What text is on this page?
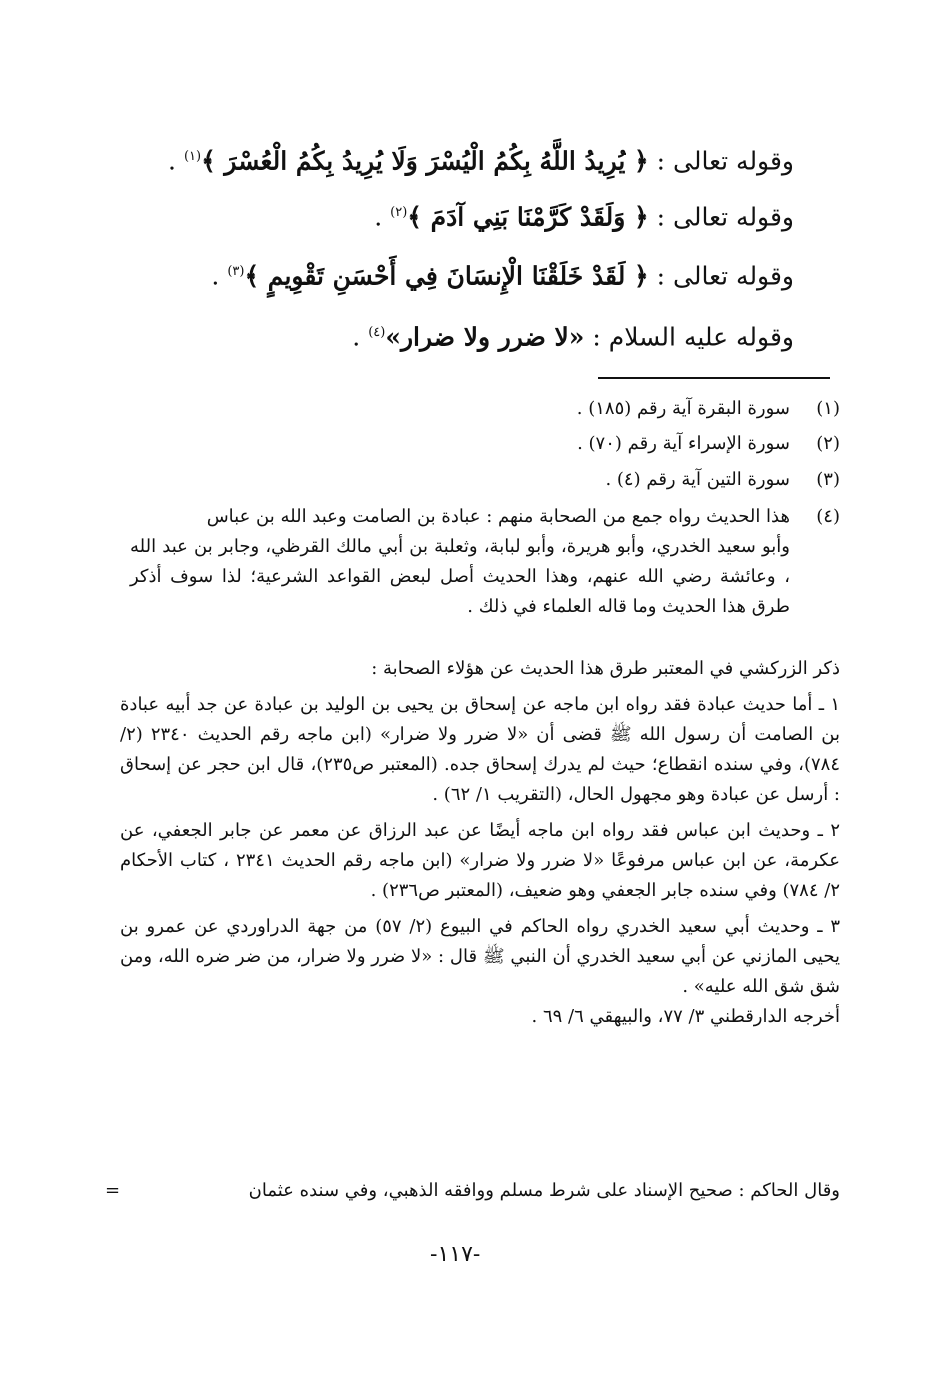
وقوله تعالى : ﴿ يُرِيدُ اللَّهُ بِكُمُ الْيُسْرَ وَلَا يُرِيدُ بِكُمُ الْعُسْرَ ﴾$^{(١)}$ .
وقوله تعالى : ﴿ وَلَقَدْ كَرَّمْنَا بَنِي آدَمَ ﴾$^{(٢)}$ .
وقوله تعالى : ﴿ لَقَدْ خَلَقْنَا الْإِنسَانَ فِي أَحْسَنِ تَقْوِيمٍ ﴾$^{(٣)}$ .
وقوله عليه السلام : «لا ضرر ولا ضرار»$^{(٤)}$ .
(١)سورة البقرة آية رقم (١٨٥) .
(٢)سورة الإسراء آية رقم (٧٠) .
(٣)سورة التين آية رقم (٤) .
(٤)هذا الحديث رواه جمع من الصحابة منهم : عبادة بن الصامت وعبد الله بن عباس

وأبو سعيد الخدري، وأبو هريرة، وأبو لبابة، وثعلبة بن أبي مالك القرظي، وجابر بن عبد الله ، وعائشة رضي الله عنهم، وهذا الحديث أصل لبعض القواعد الشرعية؛ لذا سوف أذكر طرق هذا الحديث وما قاله العلماء في ذلك .

ذكر الزركشي في المعتبر طرق هذا الحديث عن هؤلاء الصحابة :

١ ـ أما حديث عبادة فقد رواه ابن ماجه عن إسحاق بن يحيى بن الوليد بن عبادة عن جد أبيه عبادة بن الصامت أن رسول الله ﷺ قضى أن «لا ضرر ولا ضرار» (ابن ماجه رقم الحديث ٢٣٤٠ (٢/ ٧٨٤)، وفي سنده انقطاع؛ حيث لم يدرك إسحاق جده. (المعتبر ص٢٣٥)، قال ابن حجر عن إسحاق : أرسل عن عبادة وهو مجهول الحال، (التقريب ١/ ٦٢) .

٢ ـ وحديث ابن عباس فقد رواه ابن ماجه أيضًا عن عبد الرزاق عن معمر عن جابر الجعفي، عن عكرمة، عن ابن عباس مرفوعًا «لا ضرر ولا ضرار» (ابن ماجه رقم الحديث ٢٣٤١ ، كتاب الأحكام ٢/ ٧٨٤) وفي سنده جابر الجعفي وهو ضعيف، (المعتبر ص٢٣٦) .

٣ ـ وحديث أبي سعيد الخدري رواه الحاكم في البيوع (٢/ ٥٧) من جهة الدراوردي عن عمرو بن يحيى المازني عن أبي سعيد الخدري أن النبي ﷺ قال : «لا ضرر ولا ضرار، من ضر ضره الله، ومن شق شق الله عليه» .

أخرجه الدارقطني ٣/ ٧٧، والبيهقي ٦/ ٦٩ .

وقال الحاكم : صحيح الإسناد على شرط مسلم ووافقه الذهبي، وفي سنده عثمان
=
-١١٧-
